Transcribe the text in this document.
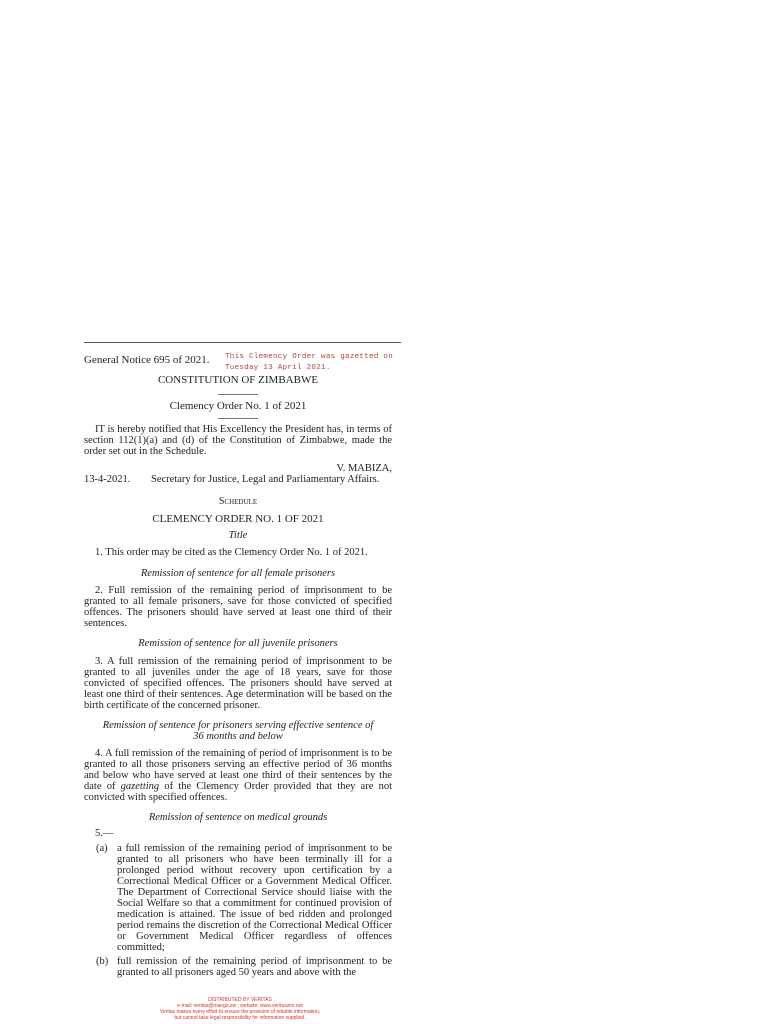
General Notice 695 of 2021. This Clemency Order was gazetted on
Tuesday 13 April 2021.
CONSTITUTION OF ZIMBABWE
Clemency Order No. 1 of 2021

IT is hereby notified that His Excellency the President has, in terms of section 112(1)(a) and (d) of the Constitution of Zimbabwe, made the order set out in the Schedule.

V. MABIZA,
13-4-2021. Secretary for Justice, Legal and Parliamentary Affairs.
Schedule
CLEMENCY ORDER NO. 1 OF 2021
Title

1. This order may be cited as the Clemency Order No. 1 of 2021.

Remission of sentence for all female prisoners

2. Full remission of the remaining period of imprisonment to be granted to all female prisoners, save for those convicted of specified offences. The prisoners should have served at least one third of their sentences.

Remission of sentence for all juvenile prisoners

3. A full remission of the remaining period of imprisonment to be granted to all juveniles under the age of 18 years, save for those convicted of specified offences. The prisoners should have served at least one third of their sentences. Age determination will be based on the birth certificate of the concerned prisoner.

Remission of sentence for prisoners serving effective sentence of
36 months and below

4. A full remission of the remaining of period of imprisonment is to be granted to all those prisoners serving an effective period of 36 months and below who have served at least one third of their sentences by the date of gazetting of the Clemency Order provided that they are not convicted with specified offences.

Remission of sentence on medical grounds

5.—

(a) a full remission of the remaining period of imprisonment to be granted to all prisoners who have been terminally ill for a prolonged period without recovery upon certification by a Correctional Medical Officer or a Government Medical Officer. The Department of Correctional Service should liaise with the Social Welfare so that a commitment for continued provision of medication is attained. The issue of bed ridden and prolonged period remains the discretion of the Correctional Medical Officer or Government Medical Officer regardless of offences committed;
(b) full remission of the remaining period of imprisonment to be granted to all prisoners aged 50 years and above with the
DISTRIBUTED BY VERITAS
e-mail: veritas@mango.zw ; website: www.veritaszim.net
Veritas makes every effort to ensure the provision of reliable information,
but cannot take legal responsibility for information supplied.
